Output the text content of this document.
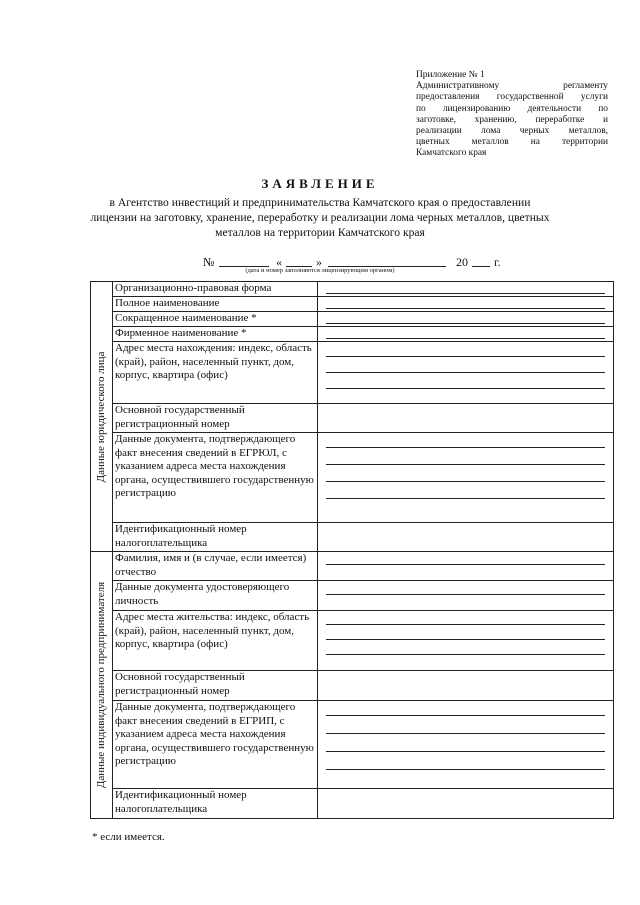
Приложение № 1
Административному регламенту
предоставления государственной услуги
по лицензированию деятельности по
заготовке, хранению, переработке и
реализации лома черных металлов,
цветных металлов на территории
Камчатского края
ЗАЯВЛЕНИЕ
в Агентство инвестиций и предпринимательства Камчатского края о предоставлении лицензии на заготовку, хранение, переработку и реализации лома черных металлов, цветных металлов на территории Камчатского края
№	«	»	20 г.
(дата и номер заполняются лицензирующим органом)
Данные юридического лица	Организационно-правовая форма	

	Полное наименование	

	Сокращенное наименование *	

	Фирменное наименование *	

	Адрес места нахождения: индекс, область (край), район, населенный пункт, дом, корпус, квартира (офис)	

	Основной государственный регистрационный номер	

	Данные документа, подтверждающего факт внесения сведений в ЕГРЮЛ, с указанием адреса места нахождения органа, осуществившего государственную регистрацию	

	Идентификационный номер налогоплательщика	

Данные индивидуального предпринимателя	Фамилия, имя и (в случае, если имеется) отчество	

	Данные документа удостоверяющего личность	

	Адрес места жительства: индекс, область (край), район, населенный пункт, дом, корпус, квартира (офис)	

	Основной государственный регистрационный номер	

	Данные документа, подтверждающего факт внесения сведений в ЕГРИП, с указанием адреса места нахождения органа, осуществившего государственную регистрацию	

	Идентификационный номер налогоплательщика	
* если имеется.
